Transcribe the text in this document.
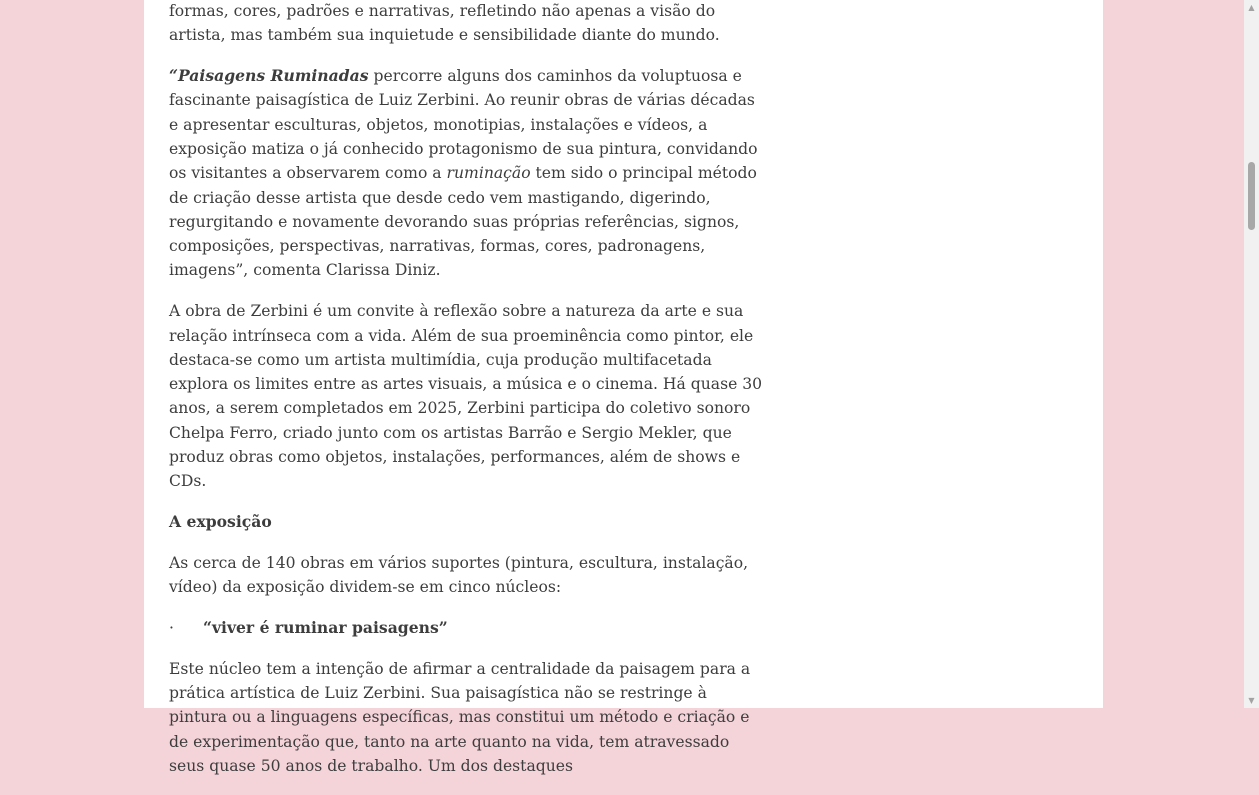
formas, cores, padrões e narrativas, refletindo não apenas a visão do artista, mas também sua inquietude e sensibilidade diante do mundo.

“Paisagens Ruminadas percorre alguns dos caminhos da voluptuosa e fascinante paisagística de Luiz Zerbini. Ao reunir obras de várias décadas e apresentar esculturas, objetos, monotipias, instalações e vídeos, a exposição matiza o já conhecido protagonismo de sua pintura, convidando os visitantes a observarem como a ruminação tem sido o principal método de criação desse artista que desde cedo vem mastigando, digerindo, regurgitando e novamente devorando suas próprias referências, signos, composições, perspectivas, narrativas, formas, cores, padronagens, imagens”, comenta Clarissa Diniz.

A obra de Zerbini é um convite à reflexão sobre a natureza da arte e sua relação intrínseca com a vida. Além de sua proeminência como pintor, ele destaca-se como um artista multimídia, cuja produção multifacetada explora os limites entre as artes visuais, a música e o cinema. Há quase 30 anos, a serem completados em 2025, Zerbini participa do coletivo sonoro Chelpa Ferro, criado junto com os artistas Barrão e Sergio Mekler, que produz obras como objetos, instalações, performances, além de shows e CDs.

A exposição

As cerca de 140 obras em vários suportes (pintura, escultura, instalação, vídeo) da exposição dividem-se em cinco núcleos:

·	“viver é ruminar paisagens”

Este núcleo tem a intenção de afirmar a centralidade da paisagem para a prática artística de Luiz Zerbini. Sua paisagística não se restringe à pintura ou a linguagens específicas, mas constitui um método e criação e de experimentação que, tanto na arte quanto na vida, tem atravessado seus quase 50 anos de trabalho. Um dos destaques

▲
▼
